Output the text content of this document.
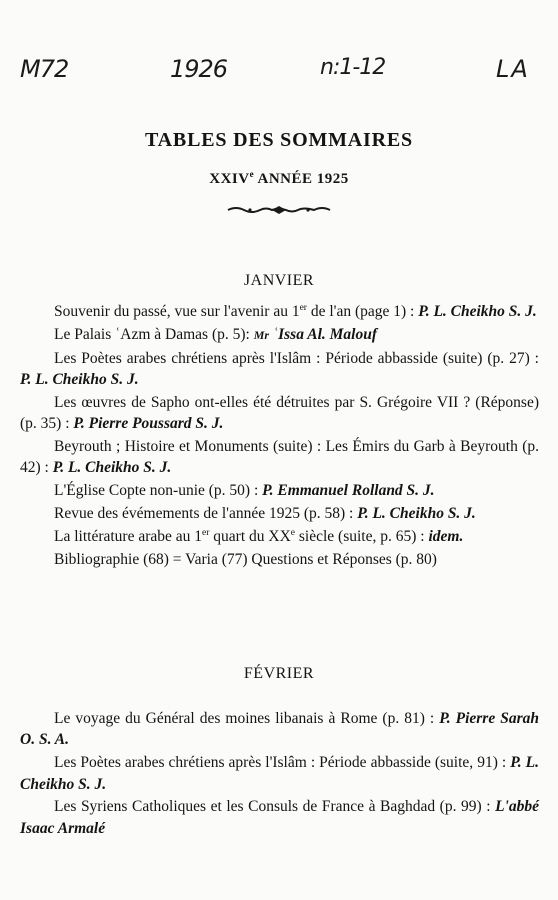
M72	1926	n:1-12	LA
TABLES DES SOMMAIRES
XXIVe ANNÉE 1925
JANVIER

Souvenir du passé, vue sur l'avenir au 1er de l'an (page 1) : P. L. Cheikho S. J.

Le Palais ʿAzm à Damas (p. 5): Mr ʿIssa Al. Malouf

Les Poètes arabes chrétiens après l'Islâm : Période abbasside (suite) (p. 27) : P. L. Cheikho S. J.

Les œuvres de Sapho ont-elles été détruites par S. Grégoire VII ? (Réponse) (p. 35) : P. Pierre Poussard S. J.

Beyrouth ; Histoire et Monuments (suite) : Les Émirs du Garb à Beyrouth (p. 42) : P. L. Cheikho S. J.

L'Église Copte non-unie (p. 50) : P. Emmanuel Rolland S. J.

Revue des évémements de l'année 1925 (p. 58) : P. L. Cheikho S. J.

La littérature arabe au 1er quart du XXe siècle (suite, p. 65) : idem.

Bibliographie (68) = Varia (77) Questions et Réponses (p. 80)

FÉVRIER

Le voyage du Général des moines libanais à Rome (p. 81) : P. Pierre Sarah O. S. A.

Les Poètes arabes chrétiens après l'Islâm : Période abbasside (suite, 91) : P. L. Cheikho S. J.

Les Syriens Catholiques et les Consuls de France à Baghdad (p. 99) : L'abbé Isaac Armalé
